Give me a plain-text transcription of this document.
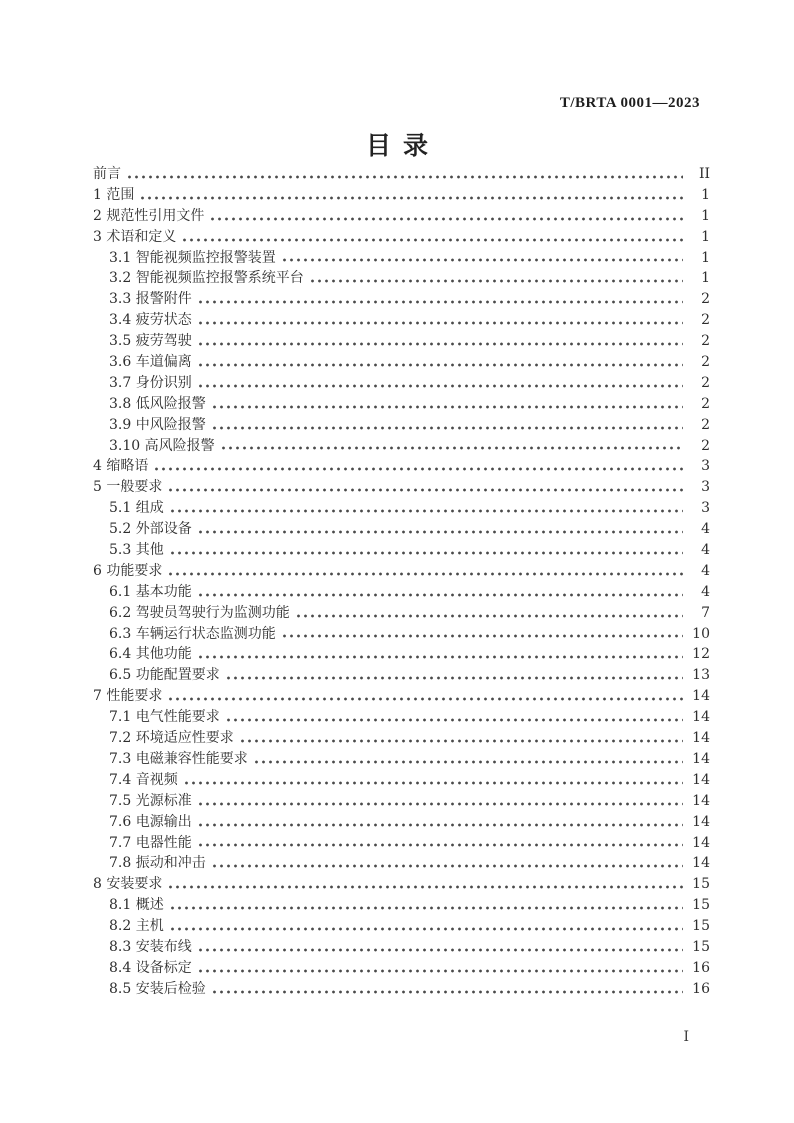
T/BRTA 0001—2023
目录
前言	II
1 范围	1
2 规范性引用文件	1
3 术语和定义	1
3.1 智能视频监控报警装置	1
3.2 智能视频监控报警系统平台	1
3.3 报警附件	2
3.4 疲劳状态	2
3.5 疲劳驾驶	2
3.6 车道偏离	2
3.7 身份识别	2
3.8 低风险报警	2
3.9 中风险报警	2
3.10 高风险报警	2
4 缩略语	3
5 一般要求	3
5.1 组成	3
5.2 外部设备	4
5.3 其他	4
6 功能要求	4
6.1 基本功能	4
6.2 驾驶员驾驶行为监测功能	7
6.3 车辆运行状态监测功能	10
6.4 其他功能	12
6.5 功能配置要求	13
7 性能要求	14
7.1 电气性能要求	14
7.2 环境适应性要求	14
7.3 电磁兼容性能要求	14
7.4 音视频	14
7.5 光源标准	14
7.6 电源输出	14
7.7 电器性能	14
7.8 振动和冲击	14
8 安装要求	15
8.1 概述	15
8.2 主机	15
8.3 安装布线	15
8.4 设备标定	16
8.5 安装后检验	16
I
